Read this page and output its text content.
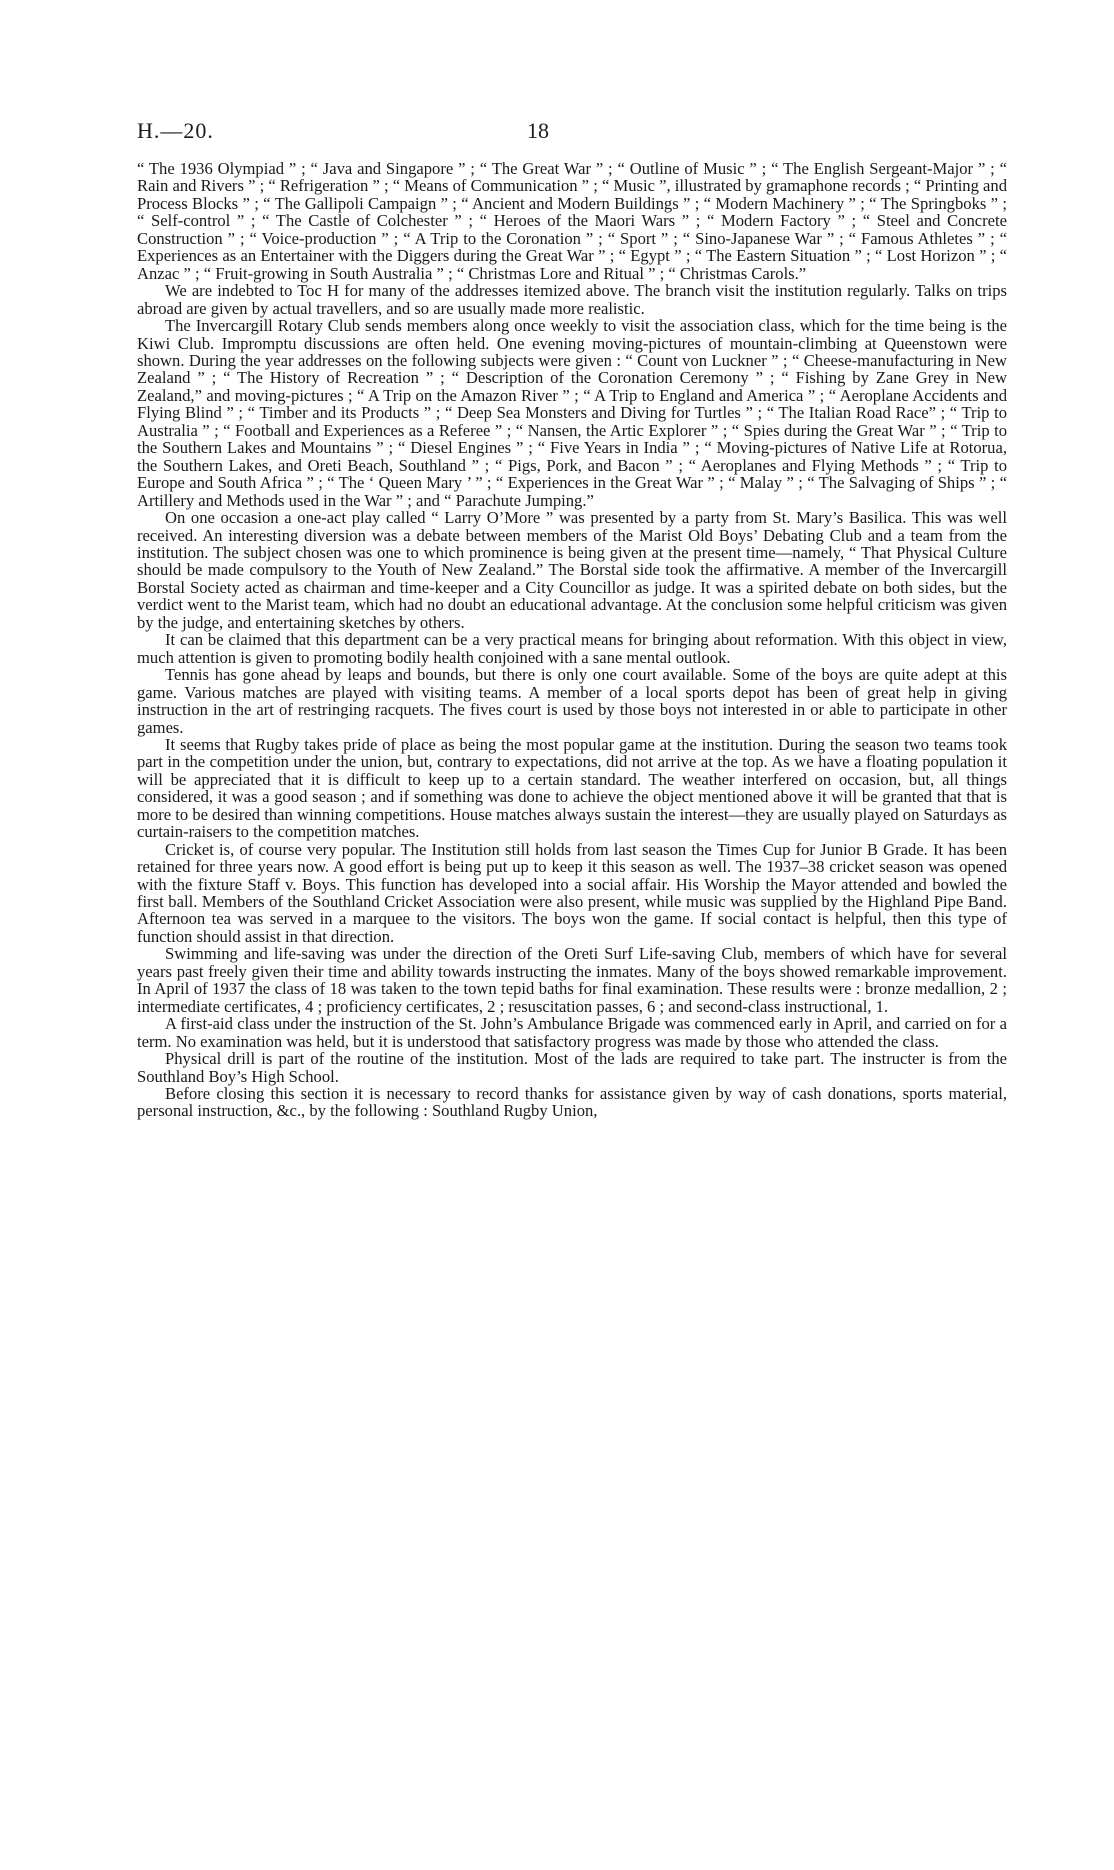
H.—20.	18

“ The 1936 Olympiad ” ; “ Java and Singapore ” ; “ The Great War ” ; “ Outline of Music ” ; “ The English Sergeant-Major ” ; “ Rain and Rivers ” ; “ Refrigeration ” ; “ Means of Communication ” ; “ Music ”, illustrated by gramaphone records ; “ Printing and Process Blocks ” ; “ The Gallipoli Campaign ” ; “ Ancient and Modern Buildings ” ; “ Modern Machinery ” ; “ The Springboks ” ; “ Self-control ” ; “ The Castle of Colchester ” ; “ Heroes of the Maori Wars ” ; “ Modern Factory ” ; “ Steel and Concrete Construction ” ; “ Voice-production ” ; “ A Trip to the Coronation ” ; “ Sport ” ; “ Sino-Japanese War ” ; “ Famous Athletes ” ; “ Experiences as an Entertainer with the Diggers during the Great War ” ; “ Egypt ” ; “ The Eastern Situation ” ; “ Lost Horizon ” ; “ Anzac ” ; “ Fruit-growing in South Australia ” ; “ Christmas Lore and Ritual ” ; “ Christmas Carols.”

We are indebted to Toc H for many of the addresses itemized above. The branch visit the institution regularly. Talks on trips abroad are given by actual travellers, and so are usually made more realistic.

The Invercargill Rotary Club sends members along once weekly to visit the association class, which for the time being is the Kiwi Club. Impromptu discussions are often held. One evening moving-pictures of mountain-climbing at Queenstown were shown. During the year addresses on the following subjects were given : “ Count von Luckner ” ; “ Cheese-manufacturing in New Zealand ” ; “ The History of Recreation ” ; “ Description of the Coronation Ceremony ” ; “ Fishing by Zane Grey in New Zealand,” and moving-pictures ; “ A Trip on the Amazon River ” ; “ A Trip to England and America ” ; “ Aeroplane Accidents and Flying Blind ” ; “ Timber and its Products ” ; “ Deep Sea Monsters and Diving for Turtles ” ; “ The Italian Road Race” ; “ Trip to Australia ” ; “ Football and Experiences as a Referee ” ; “ Nansen, the Artic Explorer ” ; “ Spies during the Great War ” ; “ Trip to the Southern Lakes and Mountains ” ; “ Diesel Engines ” ; “ Five Years in India ” ; “ Moving-pictures of Native Life at Rotorua, the Southern Lakes, and Oreti Beach, Southland ” ; “ Pigs, Pork, and Bacon ” ; “ Aeroplanes and Flying Methods ” ; “ Trip to Europe and South Africa ” ; “ The ‘ Queen Mary ’ ” ; “ Experiences in the Great War ” ; “ Malay ” ; “ The Salvaging of Ships ” ; “ Artillery and Methods used in the War ” ; and “ Parachute Jumping.”

On one occasion a one-act play called “ Larry O’More ” was presented by a party from St. Mary’s Basilica. This was well received. An interesting diversion was a debate between members of the Marist Old Boys’ Debating Club and a team from the institution. The subject chosen was one to which prominence is being given at the present time—namely, “ That Physical Culture should be made compulsory to the Youth of New Zealand.” The Borstal side took the affirmative. A member of the Invercargill Borstal Society acted as chairman and time-keeper and a City Councillor as judge. It was a spirited debate on both sides, but the verdict went to the Marist team, which had no doubt an educational advantage. At the conclusion some helpful criticism was given by the judge, and entertaining sketches by others.

It can be claimed that this department can be a very practical means for bringing about reformation. With this object in view, much attention is given to promoting bodily health conjoined with a sane mental outlook.

Tennis has gone ahead by leaps and bounds, but there is only one court available. Some of the boys are quite adept at this game. Various matches are played with visiting teams. A member of a local sports depot has been of great help in giving instruction in the art of restringing racquets. The fives court is used by those boys not interested in or able to participate in other games.

It seems that Rugby takes pride of place as being the most popular game at the institution. During the season two teams took part in the competition under the union, but, contrary to expectations, did not arrive at the top. As we have a floating population it will be appreciated that it is difficult to keep up to a certain standard. The weather interfered on occasion, but, all things considered, it was a good season ; and if something was done to achieve the object mentioned above it will be granted that that is more to be desired than winning competitions. House matches always sustain the interest—they are usually played on Saturdays as curtain-raisers to the competition matches.

Cricket is, of course very popular. The Institution still holds from last season the Times Cup for Junior B Grade. It has been retained for three years now. A good effort is being put up to keep it this season as well. The 1937–38 cricket season was opened with the fixture Staff v. Boys. This function has developed into a social affair. His Worship the Mayor attended and bowled the first ball. Members of the Southland Cricket Association were also present, while music was supplied by the Highland Pipe Band. Afternoon tea was served in a marquee to the visitors. The boys won the game. If social contact is helpful, then this type of function should assist in that direction.

Swimming and life-saving was under the direction of the Oreti Surf Life-saving Club, members of which have for several years past freely given their time and ability towards instructing the inmates. Many of the boys showed remarkable improvement. In April of 1937 the class of 18 was taken to the town tepid baths for final examination. These results were : bronze medallion, 2 ; intermediate certificates, 4 ; proficiency certificates, 2 ; resuscitation passes, 6 ; and second-class instructional, 1.

A first-aid class under the instruction of the St. John’s Ambulance Brigade was commenced early in April, and carried on for a term. No examination was held, but it is understood that satisfactory progress was made by those who attended the class.

Physical drill is part of the routine of the institution. Most of the lads are required to take part. The instructer is from the Southland Boy’s High School.

Before closing this section it is necessary to record thanks for assistance given by way of cash donations, sports material, personal instruction, &c., by the following : Southland Rugby Union,
